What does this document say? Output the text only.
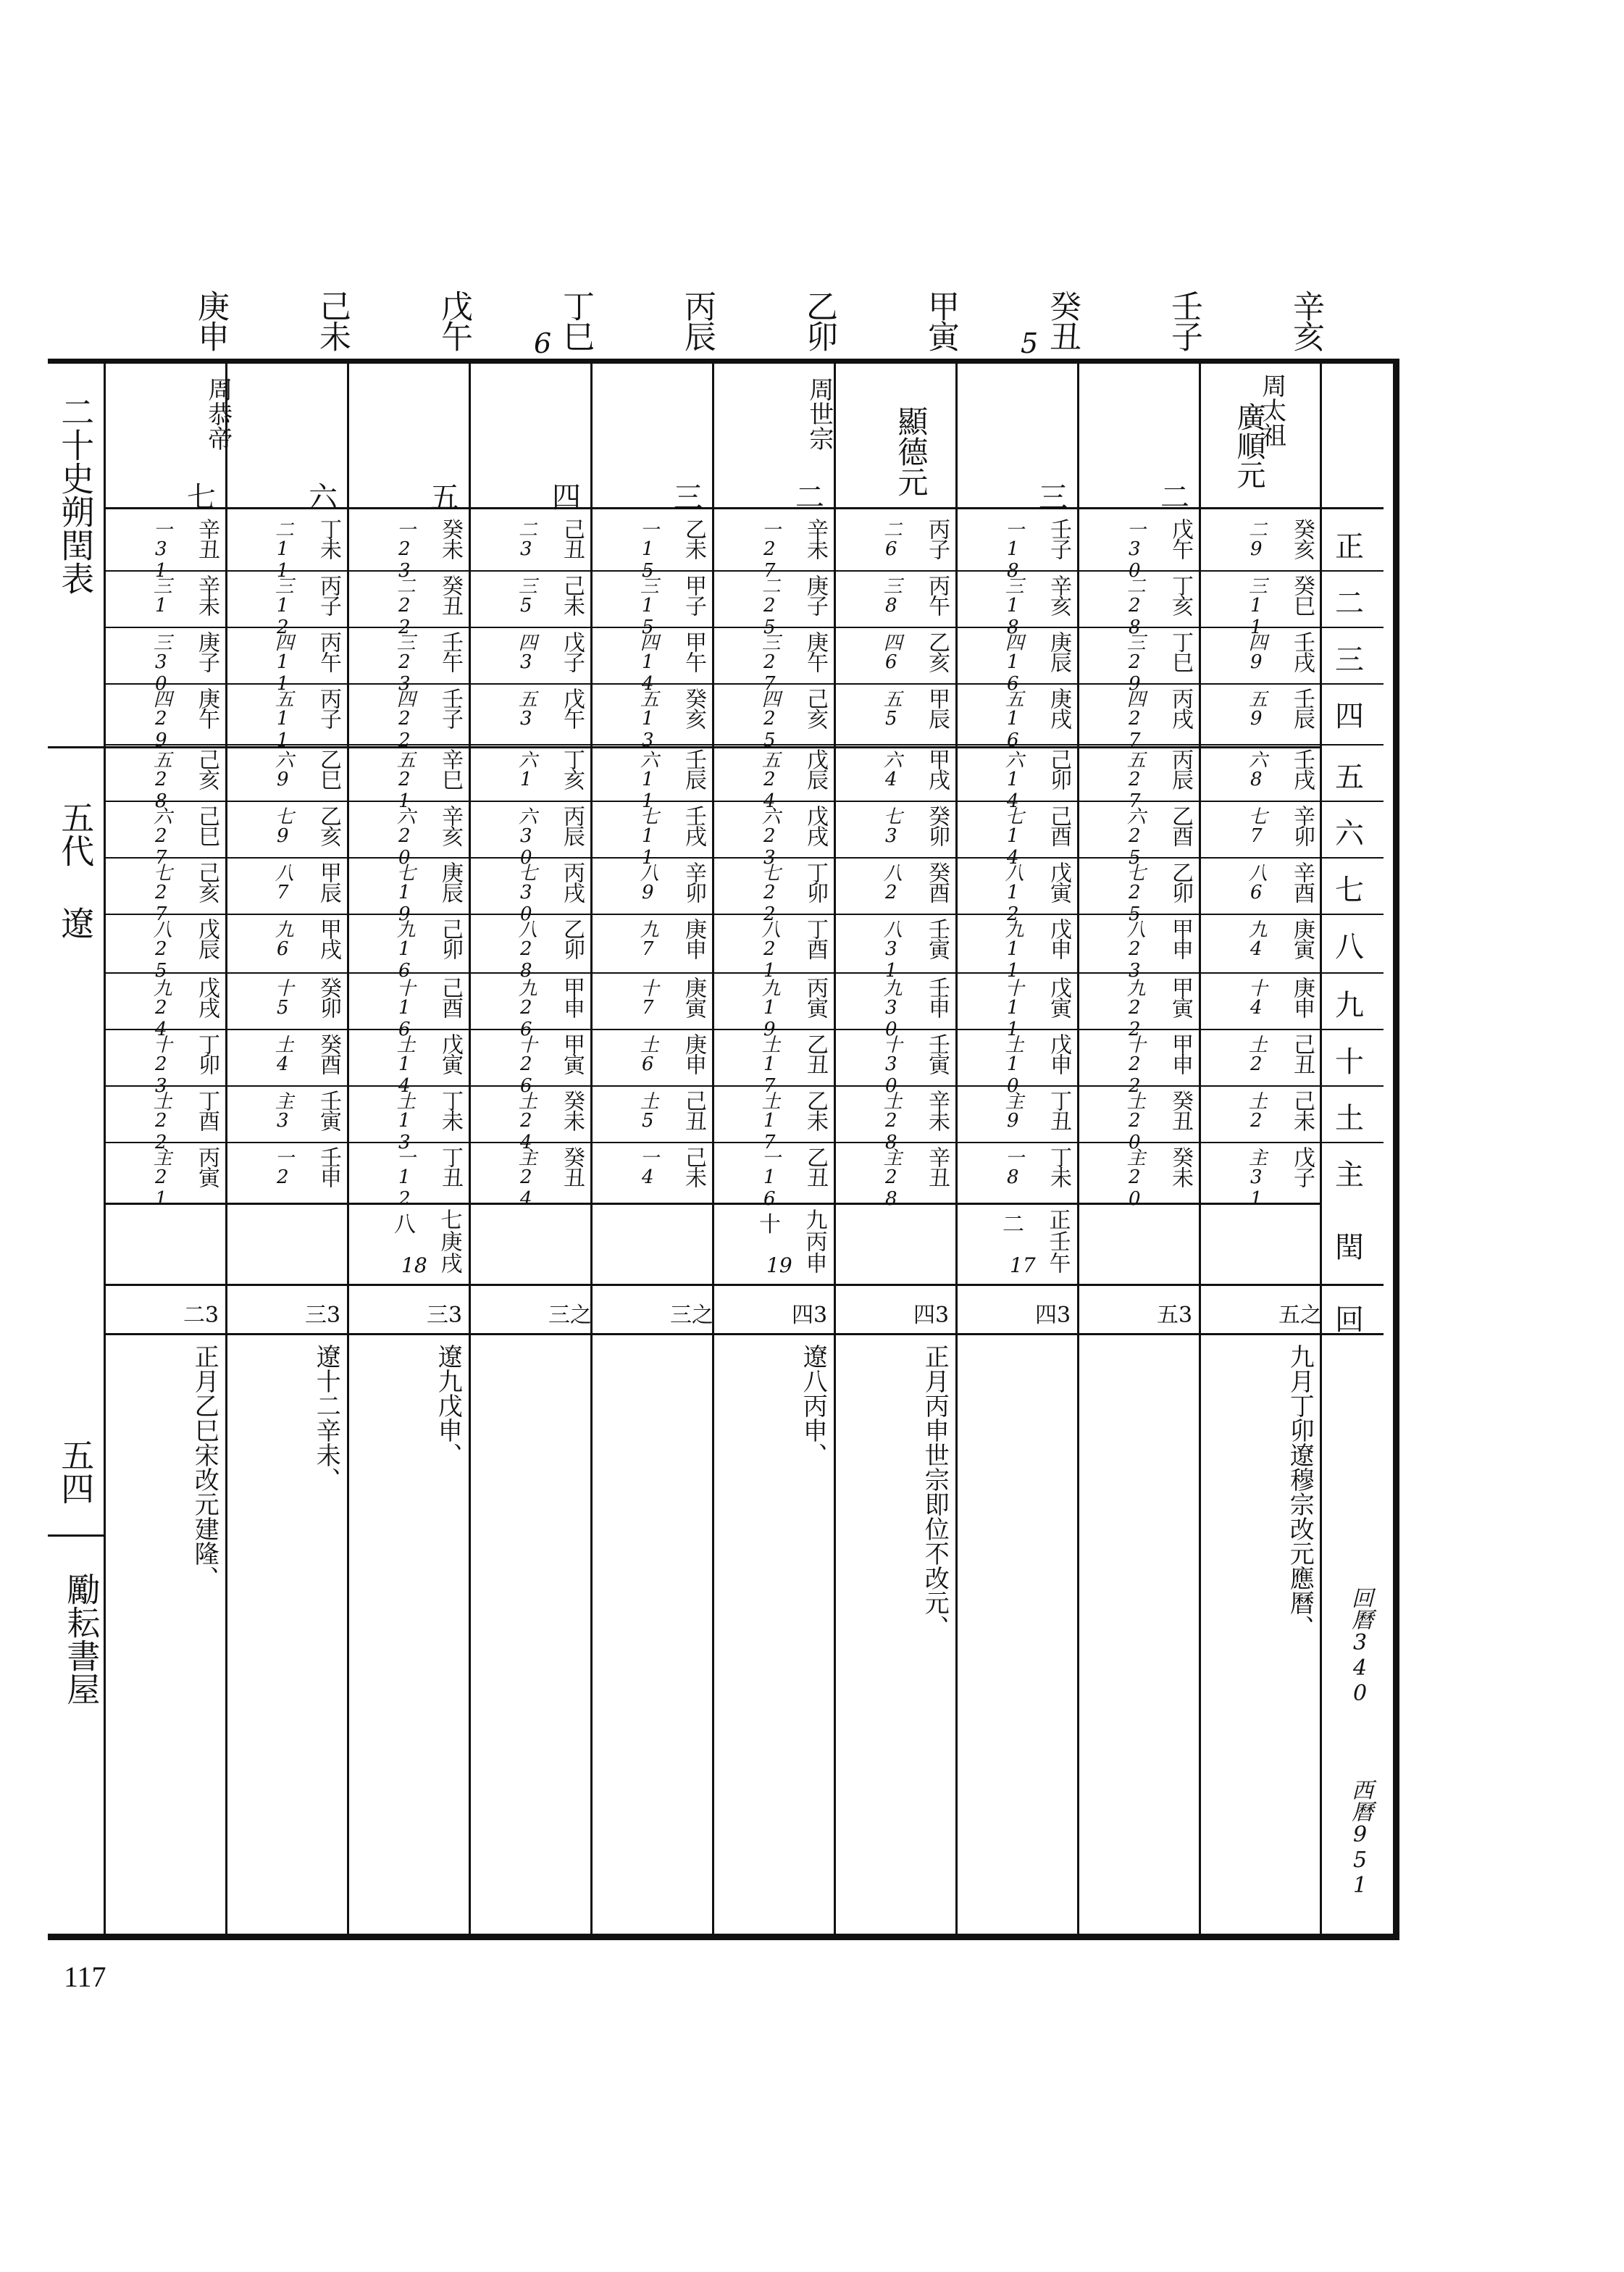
辛亥
壬子
癸丑
5
甲寅
乙卯
丙辰
丁巳
6
戊午
己未
庚申
二十史朔閏表
五代 遼
五四
勵耘書屋
正
二
三
四
五
六
七
八
九
十
土
主
閏
回
周太祖
廣順元
周世宗 顯德元
周恭帝
二
三
二
三
四
五
六
七
癸亥
二9
癸巳
三11
壬戌
四9
壬辰
五9
壬戌
六8
辛卯
七7
辛酉
八6
庚寅
九4
庚申
十4
己丑
土2
己未
土2
戊子
主31
戊午
一30
丁亥
二28
丁巳
三29
丙戌
四27
丙辰
五27
乙酉
六25
乙卯
七25
甲申
八23
甲寅
九22
甲申
十22
癸丑
土20
癸未
主20
壬子
一18
辛亥
三18
庚辰
四16
庚戌
五16
己卯
六14
己酉
七14
戊寅
八12
戊申
九11
戊寅
十11
戊申
土10
丁丑
主9
丁未
一8
丙子
二6
丙午
三8
乙亥
四6
甲辰
五5
甲戌
六4
癸卯
七3
癸酉
八2
壬寅
八31
壬申
九30
壬寅
十30
辛未
土28
辛丑
主28
辛未
一27
庚子
二25
庚午
三27
己亥
四25
戊辰
五24
戊戌
六23
丁卯
七22
丁酉
八21
丙寅
九19
乙丑
土17
乙未
土17
乙丑
一16
乙未
一15
甲子
三15
甲午
四14
癸亥
五13
壬辰
六11
壬戌
七11
辛卯
八9
庚申
九7
庚寅
十7
庚申
土6
己丑
土5
己未
一4
己丑
二3
己未
三5
戊子
四3
戊午
五3
丁亥
六1
丙辰
六30
丙戌
七30
乙卯
八28
甲申
九26
甲寅
十26
癸未
土24
癸丑
主24
癸未
一23
癸丑
二22
壬午
三23
壬子
四22
辛巳
五21
辛亥
六20
庚辰
七19
己卯
九16
己酉
十16
戊寅
土14
丁未
土13
丁丑
一12
丁未
二11
丙子
三12
丙午
四11
丙子
五11
乙巳
六9
乙亥
七9
甲辰
八7
甲戌
九6
癸卯
十5
癸酉
土4
壬寅
主3
壬申
一2
辛丑
一31
辛未
三1
庚子
三30
庚午
四29
己亥
五28
己巳
六27
己亥
七27
戊辰
八25
戊戌
九24
丁卯
十23
丁酉
土22
丙寅
主21
正壬午
二
17
九丙申
十
19
七庚戌
八
18
五之
五3
四3
四3
四3
三之
三之
三3
三3
二3
九月丁卯遼穆宗改元應曆、
正月丙申世宗即位不改元、
遼八丙申、
遼九戊申、
遼十二辛未、
正月乙巳宋改元建隆、
回曆340
西曆951
117
